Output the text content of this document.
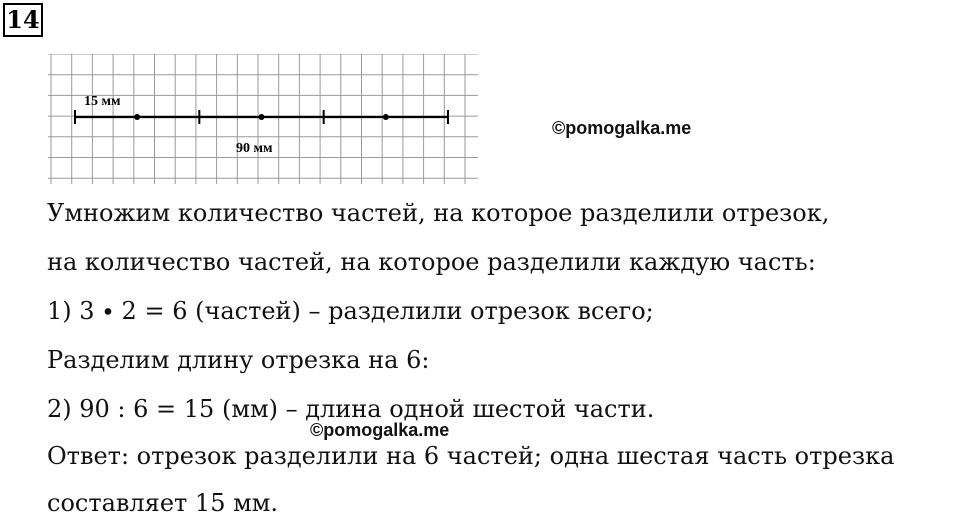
14
15 мм
90 мм
©pomogalka.me
Умножим количество частей, на которое разделили отрезок,
на количество частей, на которое разделили каждую часть:
1) 3 ∙ 2 = 6 (частей) – разделили отрезок всего;
Разделим длину отрезка на 6:
2) 90 : 6 = 15 (мм) – длина одной шестой части.
Ответ: отрезок разделили на 6 частей; одна шестая часть отрезка
составляет 15 мм.
©pomogalka.me
